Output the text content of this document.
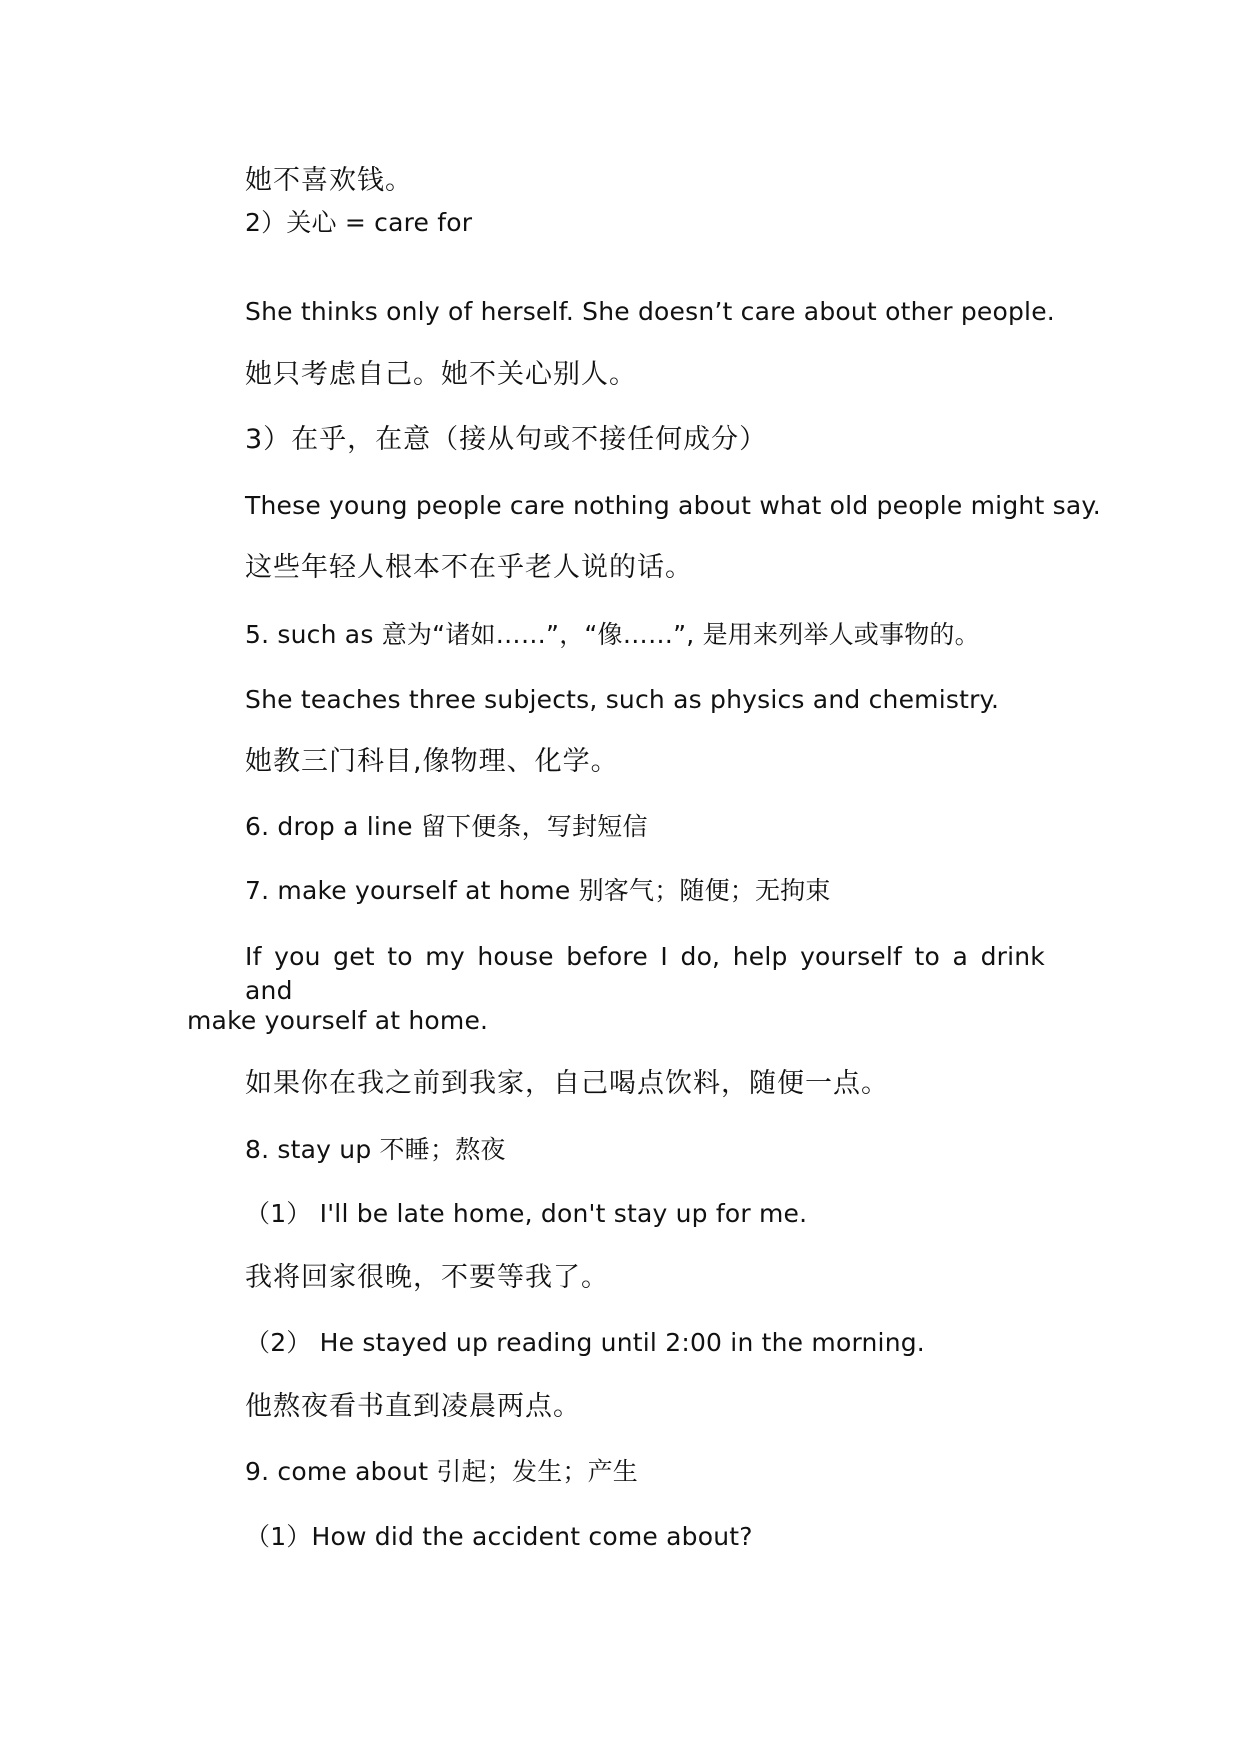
她不喜欢钱。
2）关心 = care for
She thinks only of herself. She doesn’t care about other people.
她只考虑自己。她不关心别人。
3）在乎，在意（接从句或不接任何成分）
These young people care nothing about what old people might say.
这些年轻人根本不在乎老人说的话。
5. such as 意为“诸如……”，“像……”, 是用来列举人或事物的。
She teaches three subjects, such as physics and chemistry.
她教三门科目,像物理、化学。
6. drop a line 留下便条，写封短信
7. make yourself at home 别客气；随便；无拘束
If you get to my house before I do, help yourself to a drink and
make yourself at home.
如果你在我之前到我家，自己喝点饮料，随便一点。
8. stay up 不睡；熬夜
（1） I'll be late home, don't stay up for me.
我将回家很晚，不要等我了。
（2） He stayed up reading until 2:00 in the morning.
他熬夜看书直到凌晨两点。
9. come about 引起；发生；产生
（1）How did the accident come about?
